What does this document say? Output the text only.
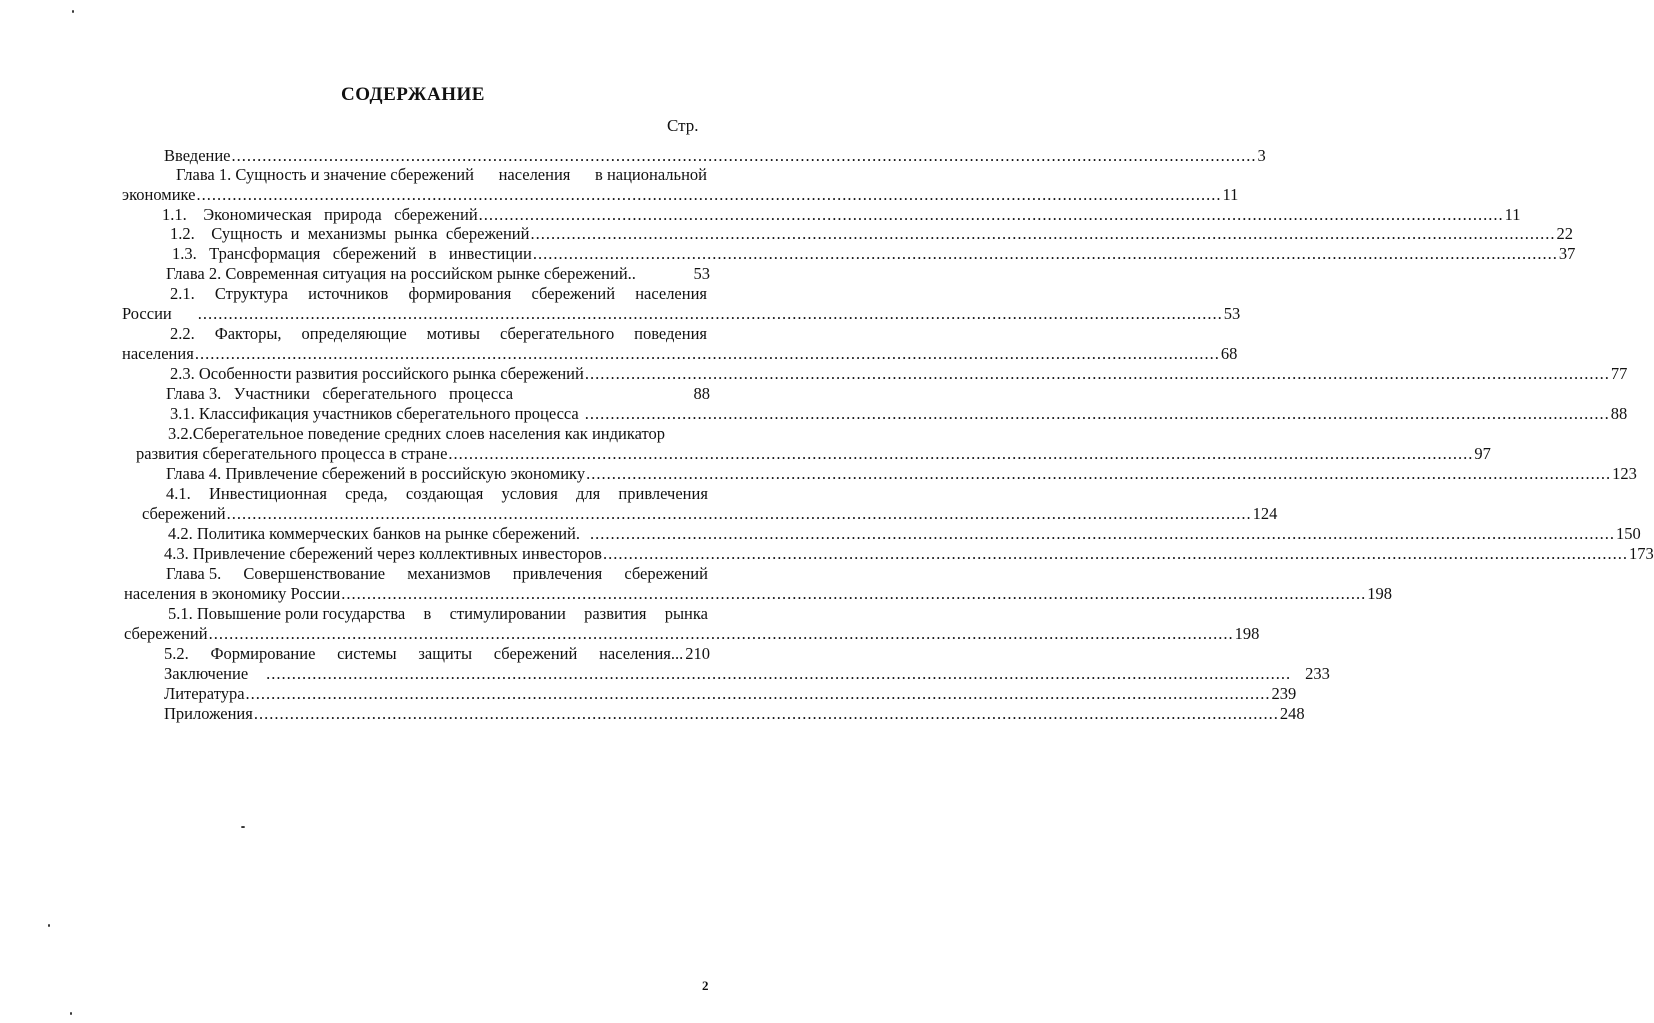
СОДЕРЖАНИЕ
Стр.
Введение ........................................................................................................................................................................................................ 3
Глава 1. Сущность и значение сбережений населения в национальной
экономике ........................................................................................................................................................................................................ 11
1.1. Экономическая природа сбережений ........................................................................................................................................................................................................ 11
1.2. Сущность и механизмы рынка сбережений ........................................................................................................................................................................................................ 22
1.3. Трансформация сбережений в инвестиции ........................................................................................................................................................................................................ 37
Глава 2. Современная ситуация на российском рынке сбережений..	53
2.1. Структура источников формирования сбережений населения
России ........................................................................................................................................................................................................ 53
2.2. Факторы, определяющие мотивы сберегательного поведения
населения ........................................................................................................................................................................................................ 68
2.3. Особенности развития российского рынка сбережений ........................................................................................................................................................................................................ 77
Глава 3. Участники сберегательного процесса	88
3.1. Классификация участников сберегательного процесса ........................................................................................................................................................................................................ 88
3.2.Сберегательное поведение средних слоев населения как индикатор
развития сберегательного процесса в стране ........................................................................................................................................................................................................ 97
Глава 4. Привлечение сбережений в российскую экономику ........................................................................................................................................................................................................ 123
4.1. Инвестиционная среда, создающая условия для привлечения
сбережений ........................................................................................................................................................................................................ 124
4.2. Политика коммерческих банков на рынке сбережений. ........................................................................................................................................................................................................ 150
4.3. Привлечение сбережений через коллективных инвесторов ........................................................................................................................................................................................................ 173
Глава 5. Совершенствование механизмов привлечения сбережений
населения в экономику России ........................................................................................................................................................................................................ 198
5.1. Повышение роли государства в стимулировании развития рынка
сбережений ........................................................................................................................................................................................................ 198
5.2. Формирование системы защиты сбережений населения... 210
Заключение ........................................................................................................................................................................................................ 233
Литература ........................................................................................................................................................................................................ 239
Приложения ........................................................................................................................................................................................................ 248
2
